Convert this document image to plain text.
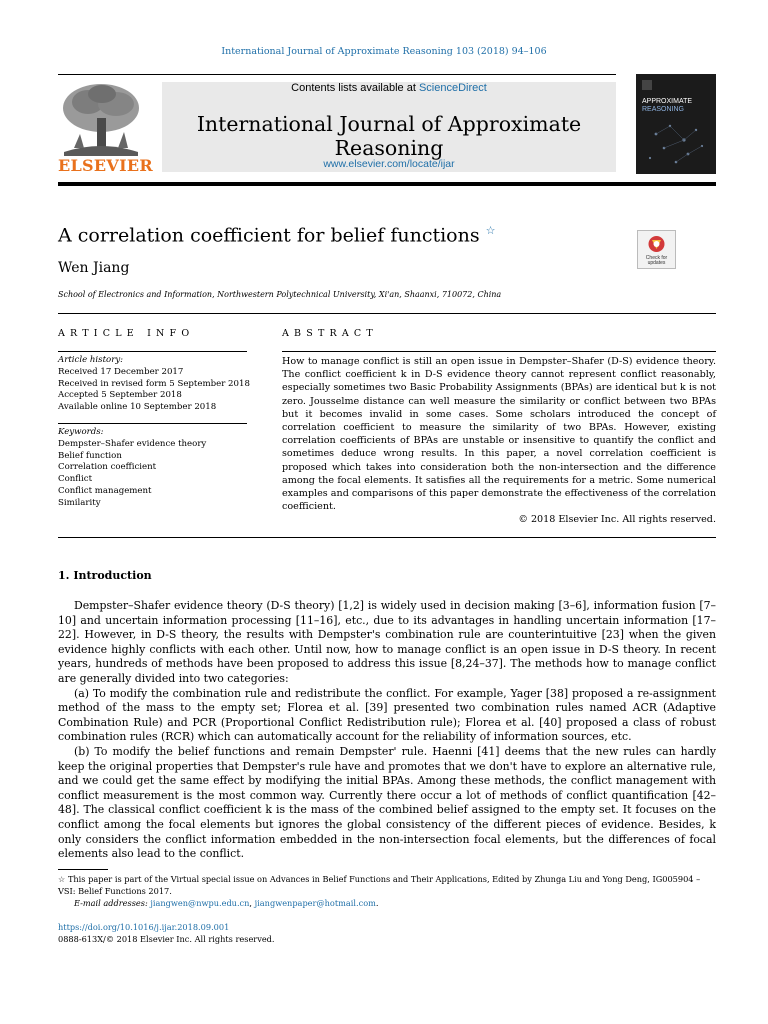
International Journal of Approximate Reasoning 103 (2018) 94–106
ELSEVIER
Contents lists available at ScienceDirect
International Journal of Approximate Reasoning
www.elsevier.com/locate/ijar
APPROXIMATE
REASONING
A correlation coefficient for belief functions ☆
Wen Jiang
School of Electronics and Information, Northwestern Polytechnical University, Xi'an, Shaanxi, 710072, China
Check for
updates
ARTICLE INFO
Article history:
Received 17 December 2017
Received in revised form 5 September 2018
Accepted 5 September 2018
Available online 10 September 2018
Keywords:
Dempster–Shafer evidence theory
Belief function
Correlation coefficient
Conflict
Conflict management
Similarity
ABSTRACT
How to manage conflict is still an open issue in Dempster–Shafer (D-S) evidence theory. The conflict coefficient k in D-S evidence theory cannot represent conflict reasonably, especially sometimes two Basic Probability Assignments (BPAs) are identical but k is not zero. Jousselme distance can well measure the similarity or conflict between two BPAs but it becomes invalid in some cases. Some scholars introduced the concept of correlation coefficient to measure the similarity of two BPAs. However, existing correlation coefficients of BPAs are unstable or insensitive to quantify the conflict and sometimes deduce wrong results. In this paper, a novel correlation coefficient is proposed which takes into consideration both the non-intersection and the difference among the focal elements. It satisfies all the requirements for a metric. Some numerical examples and comparisons of this paper demonstrate the effectiveness of the correlation coefficient.
© 2018 Elsevier Inc. All rights reserved.
1. Introduction

Dempster–Shafer evidence theory (D-S theory) [1,2] is widely used in decision making [3–6], information fusion [7–10] and uncertain information processing [11–16], etc., due to its advantages in handling uncertain information [17–22]. However, in D-S theory, the results with Dempster's combination rule are counterintuitive [23] when the given evidence highly conflicts with each other. Until now, how to manage conflict is an open issue in D-S theory. In recent years, hundreds of methods have been proposed to address this issue [8,24–37]. The methods how to manage conflict are generally divided into two categories:

(a) To modify the combination rule and redistribute the conflict. For example, Yager [38] proposed a re-assignment method of the mass to the empty set; Florea et al. [39] presented two combination rules named ACR (Adaptive Combination Rule) and PCR (Proportional Conflict Redistribution rule); Florea et al. [40] proposed a class of robust combination rules (RCR) which can automatically account for the reliability of information sources, etc.

(b) To modify the belief functions and remain Dempster' rule. Haenni [41] deems that the new rules can hardly keep the original properties that Dempster's rule have and promotes that we don't have to explore an alternative rule, and we could get the same effect by modifying the initial BPAs. Among these methods, the conflict management with conflict measurement is the most common way. Currently there occur a lot of methods of conflict quantification [42–48]. The classical conflict coefficient k is the mass of the combined belief assigned to the empty set. It focuses on the conflict among the focal elements but ignores the global consistency of the different pieces of evidence. Besides, k only considers the conflict information embedded in the non-intersection focal elements, but the differences of focal elements also lead to the conflict.

☆ This paper is part of the Virtual special issue on Advances in Belief Functions and Their Applications, Edited by Zhunga Liu and Yong Deng, IG005904 – VSI: Belief Functions 2017.
E-mail addresses: jiangwen@nwpu.edu.cn, jiangwenpaper@hotmail.com.
https://doi.org/10.1016/j.ijar.2018.09.001
0888-613X/© 2018 Elsevier Inc. All rights reserved.
